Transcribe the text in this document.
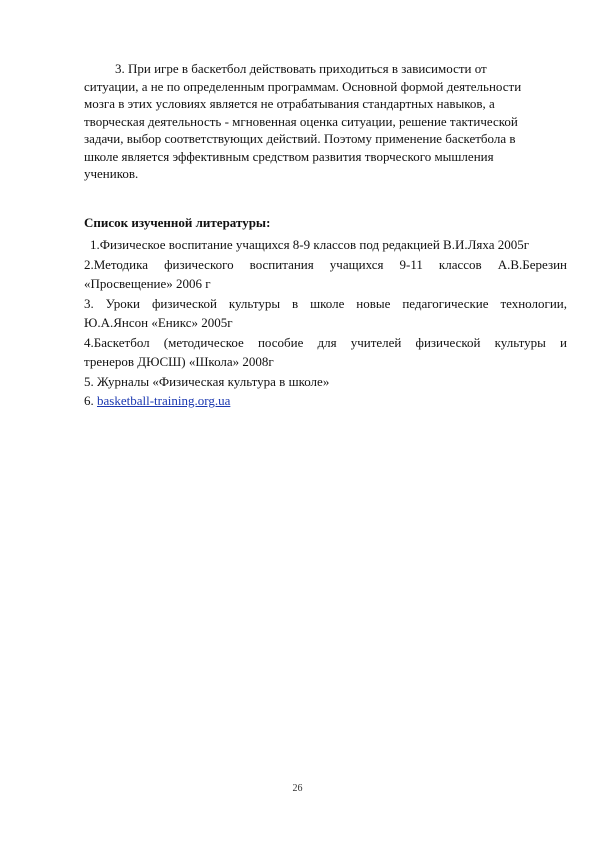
3. При игре в баскетбол действовать приходиться в зависимости от
ситуации, а не по определенным программам. Основной формой деятельности
мозга в этих условиях является не отрабатывания стандартных навыков, а
творческая деятельность - мгновенная оценка ситуации, решение тактической
задачи, выбор соответствующих действий. Поэтому применение баскетбола в
школе является эффективным средством развития творческого мышления
учеников.
Список изученной литературы:
1.Физическое воспитание учащихся 8-9 классов под редакцией В.И.Ляха 2005г
2.Методика физического воспитания учащихся 9-11 классов А.В.Березин
«Просвещение» 2006 г
3. Уроки физической культуры в школе новые педагогические технологии,
Ю.А.Янсон «Еникс» 2005г
4.Баскетбол (методическое пособие для учителей физической культуры и
тренеров ДЮСШ) «Школа» 2008г
5. Журналы «Физическая культура в школе»
6. basketball-training.org.ua
26
